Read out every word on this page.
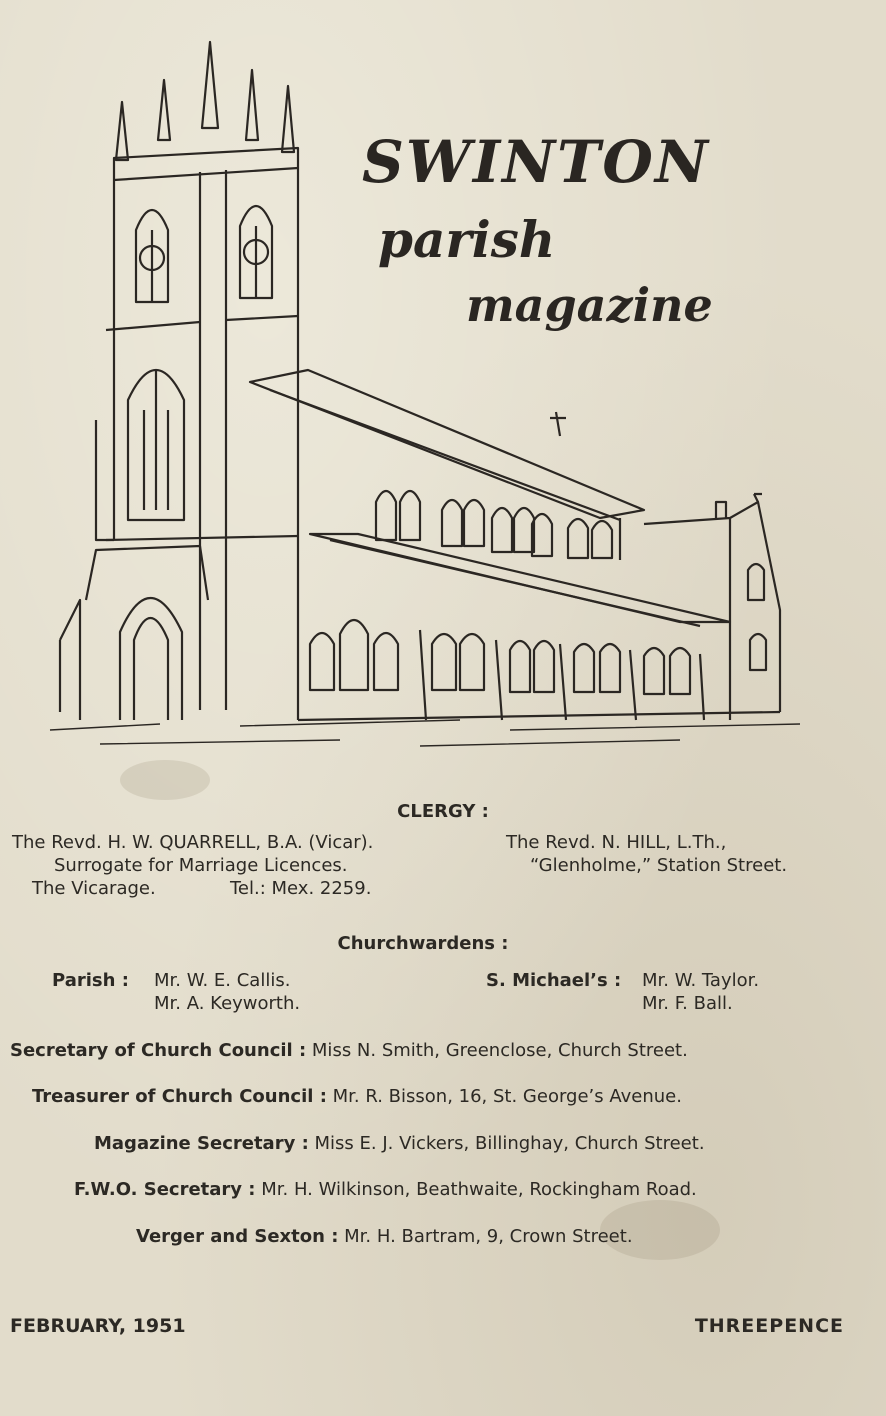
SWINTON
parish
magazine
CLERGY :
The Revd. H. W. QUARRELL, B.A. (Vicar).
Surrogate for Marriage Licences.
The Vicarage.	Tel.: Mex. 2259.
The Revd. N. HILL, L.Th.,
“Glenholme,” Station Street.
Churchwardens :
Parish : Mr. W. E. Callis.
Mr. A. Keyworth.
S. Michael’s : Mr. W. Taylor.
Mr. F. Ball.
Secretary of Church Council : Miss N. Smith, Greenclose, Church Street.
Treasurer of Church Council : Mr. R. Bisson, 16, St. George’s Avenue.
Magazine Secretary : Miss E. J. Vickers, Billinghay, Church Street.
F.W.O. Secretary : Mr. H. Wilkinson, Beathwaite, Rockingham Road.
Verger and Sexton : Mr. H. Bartram, 9, Crown Street.
FEBRUARY, 1951	THREEPENCE
